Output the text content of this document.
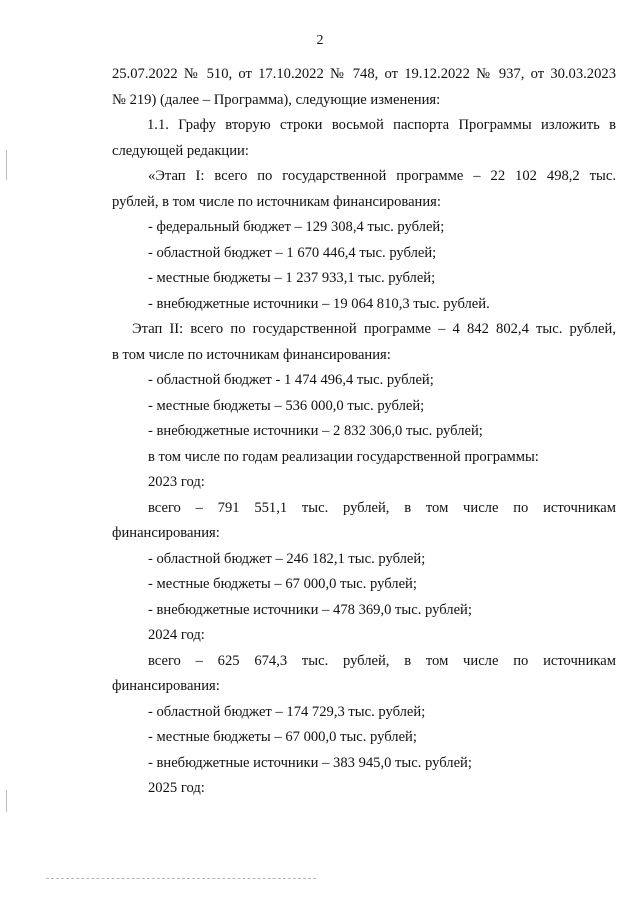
2
25.07.2022 № 510, от 17.10.2022 № 748, от 19.12.2022 № 937, от 30.03.2023
№ 219) (далее – Программа), следующие изменения:
1.1. Графу вторую строки восьмой паспорта Программы изложить в
следующей редакции:
«Этап I: всего по государственной программе – 22 102 498,2 тыс.
рублей, в том числе по источникам финансирования:
- федеральный бюджет – 129 308,4 тыс. рублей;
- областной бюджет – 1 670 446,4 тыс. рублей;
- местные бюджеты – 1 237 933,1 тыс. рублей;
- внебюджетные источники – 19 064 810,3 тыс. рублей.
Этап II: всего по государственной программе – 4 842 802,4 тыс. рублей,
в том числе по источникам финансирования:
- областной бюджет - 1 474 496,4 тыс. рублей;
- местные бюджеты – 536 000,0 тыс. рублей;
- внебюджетные источники – 2 832 306,0 тыс. рублей;
в том числе по годам реализации государственной программы:
2023 год:
всего – 791 551,1 тыс. рублей, в том числе по источникам
финансирования:
- областной бюджет – 246 182,1 тыс. рублей;
- местные бюджеты – 67 000,0 тыс. рублей;
- внебюджетные источники – 478 369,0 тыс. рублей;
2024 год:
всего – 625 674,3 тыс. рублей, в том числе по источникам
финансирования:
- областной бюджет – 174 729,3 тыс. рублей;
- местные бюджеты – 67 000,0 тыс. рублей;
- внебюджетные источники – 383 945,0 тыс. рублей;
2025 год:
